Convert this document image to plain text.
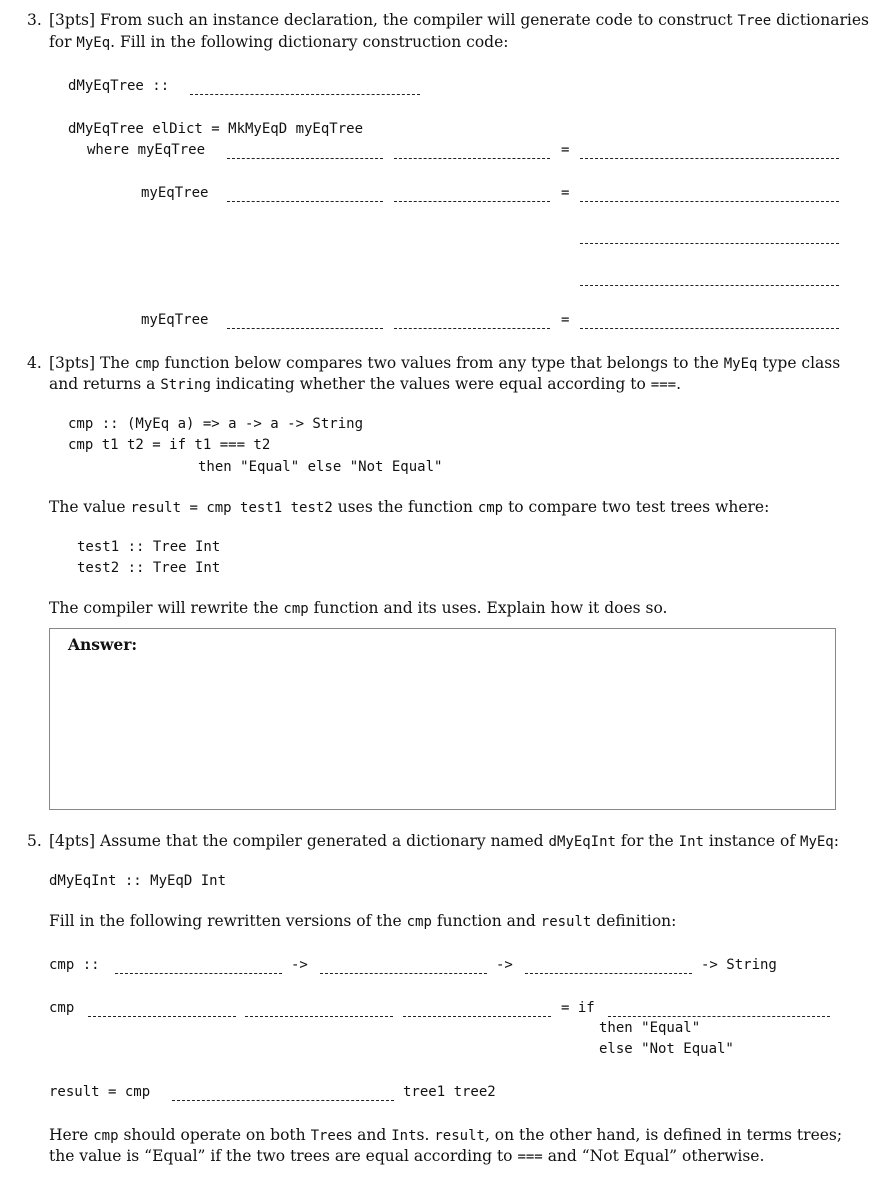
3. [3pts] From such an instance declaration, the compiler will generate code to construct Tree dictionaries
for MyEq. Fill in the following dictionary construction code:
dMyEqTree ::
dMyEqTree elDict = MkMyEqD myEqTree
where myEqTree	=
myEqTree	=
myEqTree	=
4. [3pts] The cmp function below compares two values from any type that belongs to the MyEq type class
and returns a String indicating whether the values were equal according to ===.
cmp :: (MyEq a) => a -> a -> String
cmp t1 t2 = if t1 === t2
then "Equal" else "Not Equal"
The value result = cmp test1 test2 uses the function cmp to compare two test trees where:
test1 :: Tree Int
test2 :: Tree Int
The compiler will rewrite the cmp function and its uses. Explain how it does so.
Answer:
5. [4pts] Assume that the compiler generated a dictionary named dMyEqInt for the Int instance of MyEq:
dMyEqInt :: MyEqD Int
Fill in the following rewritten versions of the cmp function and result definition:
cmp ::	->	->	-> String
cmp	= if
then "Equal"
else "Not Equal"
result = cmp	tree1 tree2
Here cmp should operate on both Trees and Ints. result, on the other hand, is defined in terms trees;
the value is “Equal” if the two trees are equal according to === and “Not Equal” otherwise.
